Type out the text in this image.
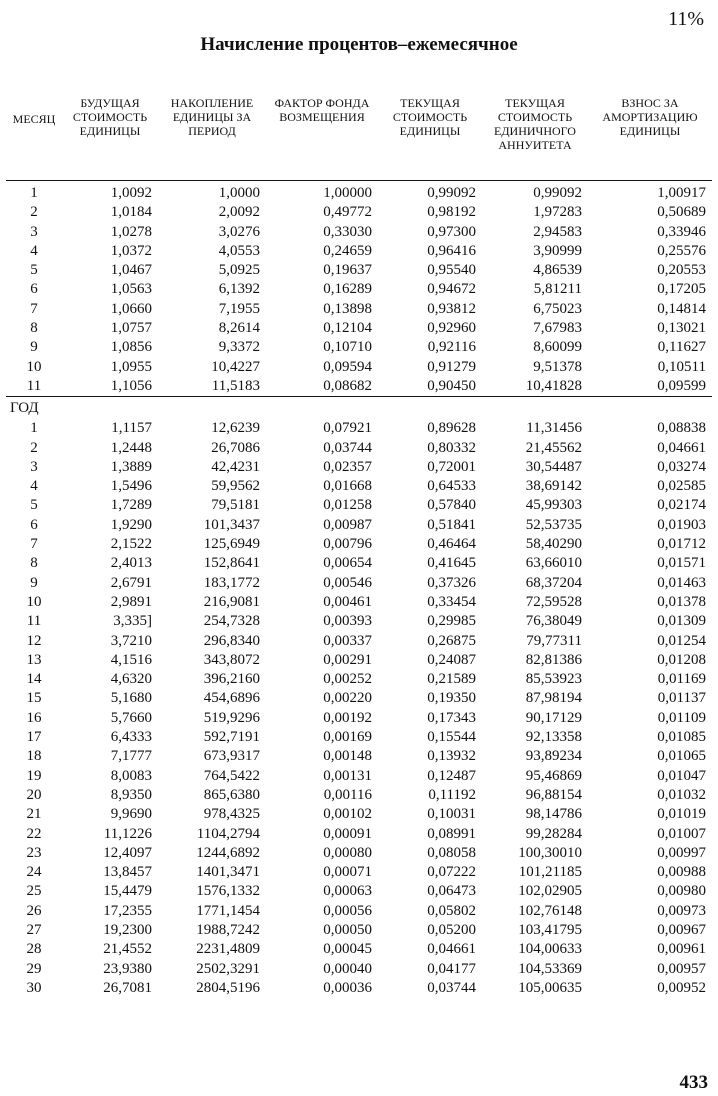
11%
Начисление процентов–ежемесячное
МЕСЯЦ	БУДУЩАЯ СТОИМОСТЬ ЕДИНИЦЫ	НАКОПЛЕНИЕ ЕДИНИЦЫ ЗА ПЕРИОД	ФАКТОР ФОНДА ВОЗМЕЩЕНИЯ	ТЕКУЩАЯ СТОИМОСТЬ ЕДИНИЦЫ	ТЕКУЩАЯ СТОИМОСТЬ ЕДИНИЧНОГО АННУИТЕТА	ВЗНОС ЗА АМОРТИЗАЦИЮ ЕДИНИЦЫ
1	1,0092	1,0000	1,00000	0,99092	0,99092	1,00917
2	1,0184	2,0092	0,49772	0,98192	1,97283	0,50689
3	1,0278	3,0276	0,33030	0,97300	2,94583	0,33946
4	1,0372	4,0553	0,24659	0,96416	3,90999	0,25576
5	1,0467	5,0925	0,19637	0,95540	4,86539	0,20553
6	1,0563	6,1392	0,16289	0,94672	5,81211	0,17205
7	1,0660	7,1955	0,13898	0,93812	6,75023	0,14814
8	1,0757	8,2614	0,12104	0,92960	7,67983	0,13021
9	1,0856	9,3372	0,10710	0,92116	8,60099	0,11627
10	1,0955	10,4227	0,09594	0,91279	9,51378	0,10511
11	1,1056	11,5183	0,08682	0,90450	10,41828	0,09599
ГОД						
1	1,1157	12,6239	0,07921	0,89628	11,31456	0,08838
2	1,2448	26,7086	0,03744	0,80332	21,45562	0,04661
3	1,3889	42,4231	0,02357	0,72001	30,54487	0,03274
4	1,5496	59,9562	0,01668	0,64533	38,69142	0,02585
5	1,7289	79,5181	0,01258	0,57840	45,99303	0,02174
6	1,9290	101,3437	0,00987	0,51841	52,53735	0,01903
7	2,1522	125,6949	0,00796	0,46464	58,40290	0,01712
8	2,4013	152,8641	0,00654	0,41645	63,66010	0,01571
9	2,6791	183,1772	0,00546	0,37326	68,37204	0,01463
10	2,9891	216,9081	0,00461	0,33454	72,59528	0,01378
11	3,335]	254,7328	0,00393	0,29985	76,38049	0,01309
12	3,7210	296,8340	0,00337	0,26875	79,77311	0,01254
13	4,1516	343,8072	0,00291	0,24087	82,81386	0,01208
14	4,6320	396,2160	0,00252	0,21589	85,53923	0,01169
15	5,1680	454,6896	0,00220	0,19350	87,98194	0,01137
16	5,7660	519,9296	0,00192	0,17343	90,17129	0,01109
17	6,4333	592,7191	0,00169	0,15544	92,13358	0,01085
18	7,1777	673,9317	0,00148	0,13932	93,89234	0,01065
19	8,0083	764,5422	0,00131	0,12487	95,46869	0,01047
20	8,9350	865,6380	0,00116	0,11192	96,88154	0,01032
21	9,9690	978,4325	0,00102	0,10031	98,14786	0,01019
22	11,1226	1104,2794	0,00091	0,08991	99,28284	0,01007
23	12,4097	1244,6892	0,00080	0,08058	100,30010	0,00997
24	13,8457	1401,3471	0,00071	0,07222	101,21185	0,00988
25	15,4479	1576,1332	0,00063	0,06473	102,02905	0,00980
26	17,2355	1771,1454	0,00056	0,05802	102,76148	0,00973
27	19,2300	1988,7242	0,00050	0,05200	103,41795	0,00967
28	21,4552	2231,4809	0,00045	0,04661	104,00633	0,00961
29	23,9380	2502,3291	0,00040	0,04177	104,53369	0,00957
30	26,7081	2804,5196	0,00036	0,03744	105,00635	0,00952
433
